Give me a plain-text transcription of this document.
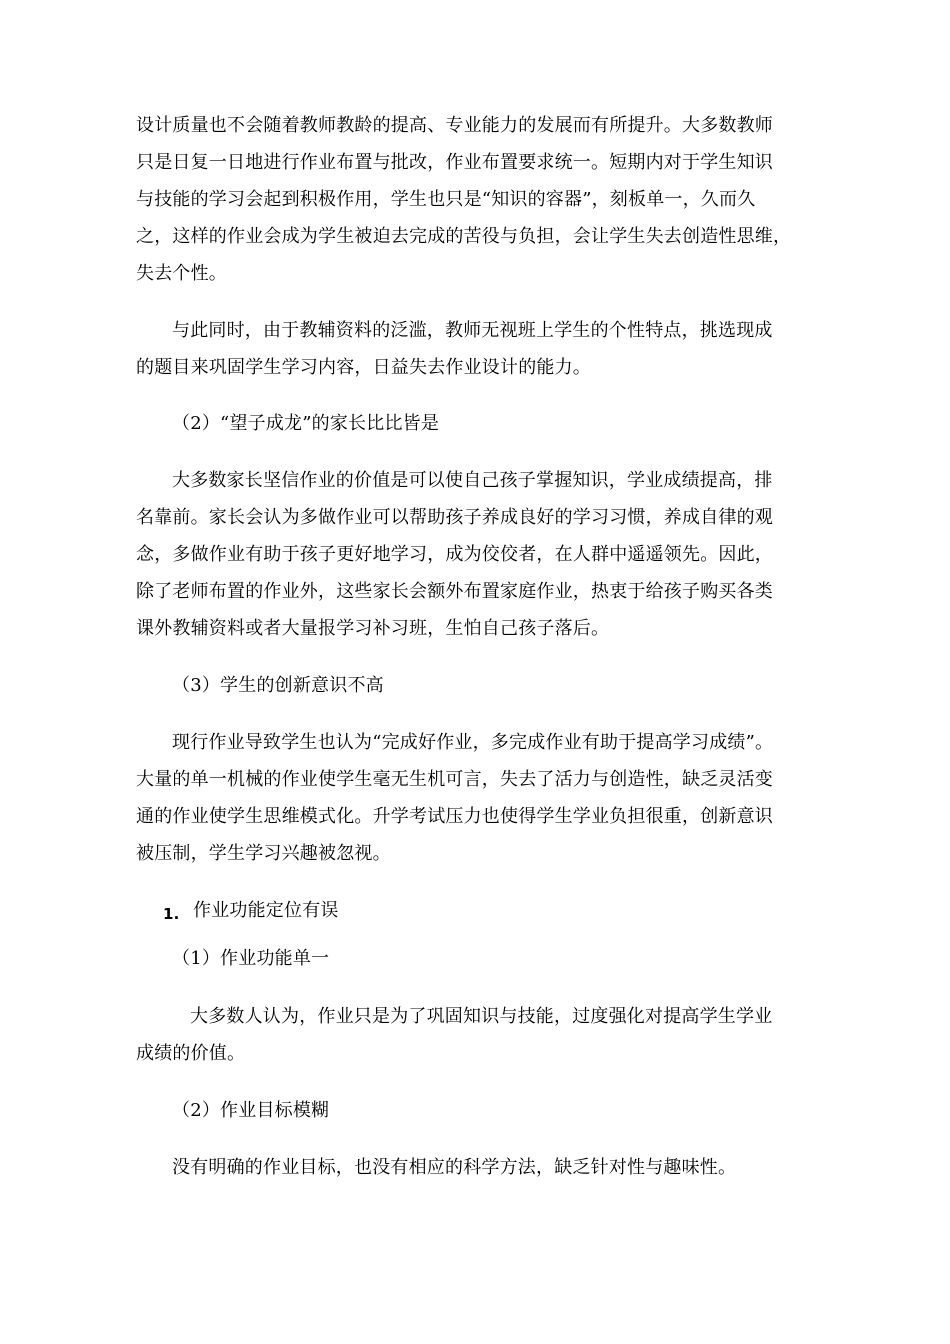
设计质量也不会随着教师教龄的提高、专业能力的发展而有所提升。大多数教师
只是日复一日地进行作业布置与批改，作业布置要求统一。短期内对于学生知识
与技能的学习会起到积极作用，学生也只是“知识的容器”，刻板单一，久而久
之，这样的作业会成为学生被迫去完成的苦役与负担，会让学生失去创造性思维，
失去个性。
与此同时，由于教辅资料的泛滥，教师无视班上学生的个性特点，挑选现成
的题目来巩固学生学习内容，日益失去作业设计的能力。
（2）“望子成龙”的家长比比皆是
大多数家长坚信作业的价值是可以使自己孩子掌握知识，学业成绩提高，排
名靠前。家长会认为多做作业可以帮助孩子养成良好的学习习惯，养成自律的观
念，多做作业有助于孩子更好地学习，成为佼佼者，在人群中遥遥领先。因此，
除了老师布置的作业外，这些家长会额外布置家庭作业，热衷于给孩子购买各类
课外教辅资料或者大量报学习补习班，生怕自己孩子落后。
（3）学生的创新意识不高
现行作业导致学生也认为“完成好作业，多完成作业有助于提高学习成绩”。
大量的单一机械的作业使学生毫无生机可言，失去了活力与创造性，缺乏灵活变
通的作业使学生思维模式化。升学考试压力也使得学生学业负担很重，创新意识
被压制，学生学习兴趣被忽视。
1. 作业功能定位有误
（1）作业功能单一
大多数人认为，作业只是为了巩固知识与技能，过度强化对提高学生学业
成绩的价值。
（2）作业目标模糊
没有明确的作业目标，也没有相应的科学方法，缺乏针对性与趣味性。
